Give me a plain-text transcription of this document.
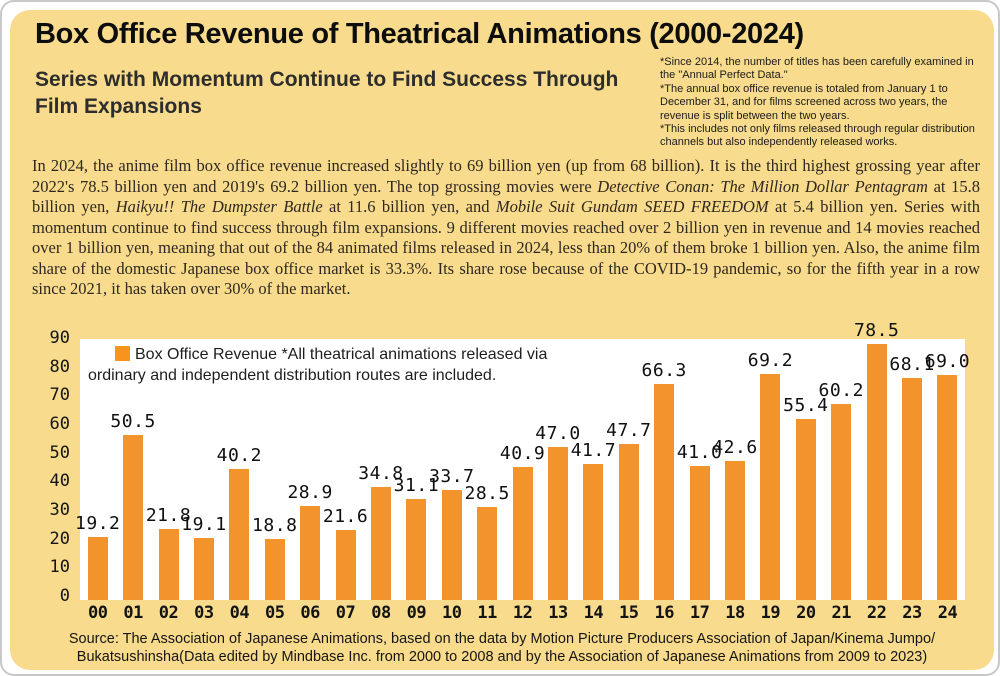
Box Office Revenue of Theatrical Animations (2000-2024)
Series with Momentum Continue to Find Success Through
Film Expansions
*Since 2014, the number of titles has been carefully examined in the "Annual Perfect Data."
*The annual box office revenue is totaled from January 1 to December 31, and for films screened across two years, the revenue is split between the two years.
*This includes not only films released through regular distribution channels but also independently released works.
In 2024, the anime film box office revenue increased slightly to 69 billion yen (up from 68 billion). It is the third highest grossing year after 2022's 78.5 billion yen and 2019's 69.2 billion yen. The top grossing movies were Detective Conan: The Million Dollar Pentagram at 15.8 billion yen, Haikyu!! The Dumpster Battle at 11.6 billion yen, and Mobile Suit Gundam SEED FREEDOM at 5.4 billion yen. Series with momentum continue to find success through film expansions. 9 different movies reached over 2 billion yen in revenue and 14 movies reached over 1 billion yen, meaning that out of the 84 animated films released in 2024, less than 20% of them broke 1 billion yen. Also, the anime film share of the domestic Japanese box office market is 33.3%. Its share rose because of the COVID-19 pandemic, so for the fifth year in a row since 2021, it has taken over 30% of the market.
0
10
20
30
40
50
60
70
80
90
19.2
50.5
21.8
19.1
40.2
18.8
28.9
21.6
34.8
31.1
33.7
28.5
40.9
47.0
41.7
47.7
66.3
41.0
42.6
69.2
55.4
60.2
78.5
68.1
69.0
Box Office Revenue *All theatrical animations released via
ordinary and independent distribution routes are included.
00 01 02 03 04 05 06 07 08 09 10 11 12 13 14 15 16 17 18 19 20 21 22 23 24
Source: The Association of Japanese Animations, based on the data by Motion Picture Producers Association of Japan/Kinema Jumpo/
Bukatsushinsha(Data edited by Mindbase Inc. from 2000 to 2008 and by the Association of Japanese Animations from 2009 to 2023)
